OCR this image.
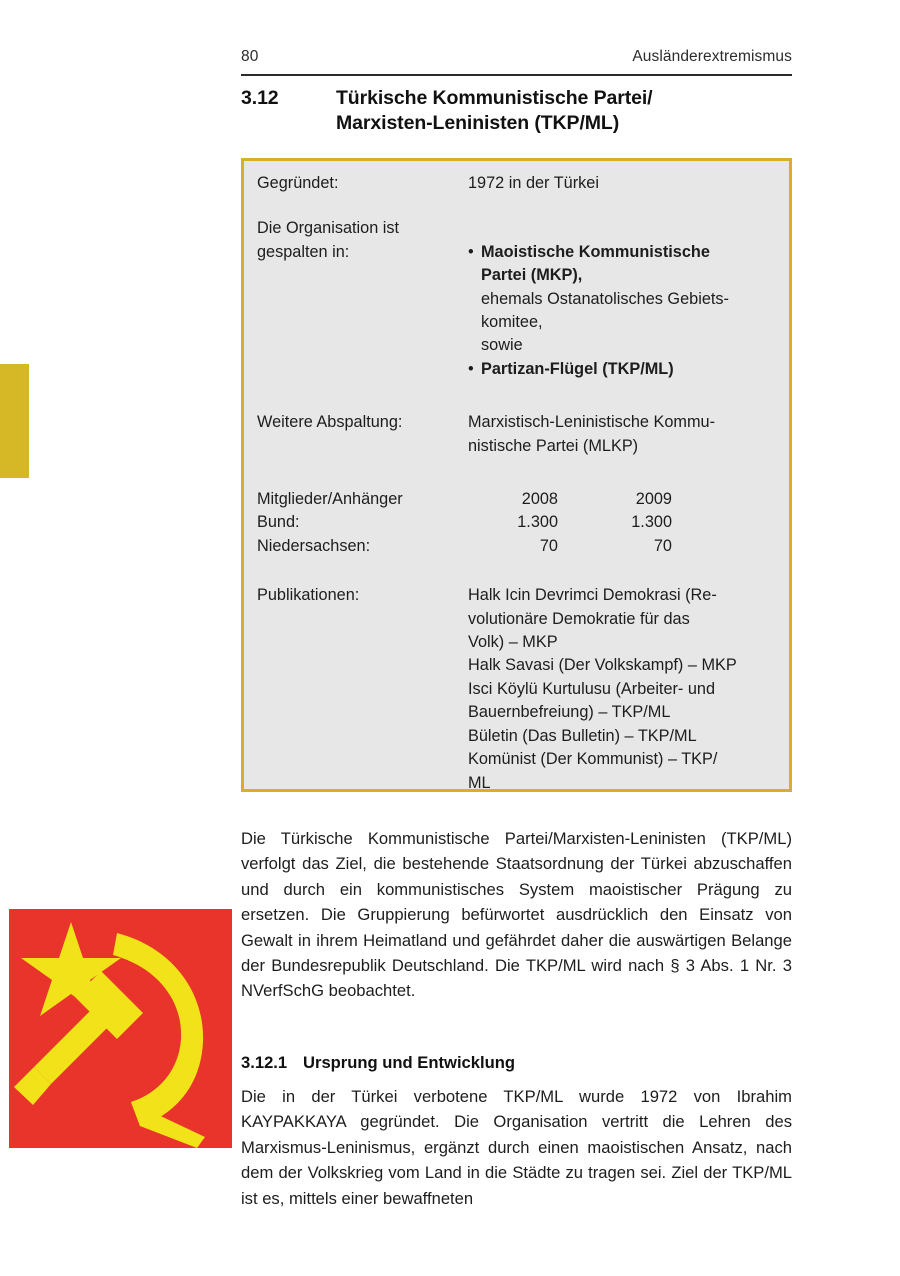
80	Ausländerextremismus
3.12	Türkische Kommunistische Partei/
Marxisten-Leninisten (TKP/ML)
Gegründet:	1972 in der Türkei
Die Organisation ist
gespalten in:	• Maoistische Kommunistische
Partei (MKP),
ehemals Ostanatolisches Gebiets-
komitee,
sowie
• Partizan-Flügel (TKP/ML)
Weitere Abspaltung:	Marxistisch-Leninistische Kommu-
nistische Partei (MLKP)
Mitglieder/Anhänger	2008	2009
Bund:	1.300	1.300
Niedersachsen:	70	70
Publikationen:	Halk Icin Devrimci Demokrasi (Re-
volutionäre Demokratie für das
Volk) – MKP
Halk Savasi (Der Volkskampf) – MKP
Isci Köylü Kurtulusu (Arbeiter- und
Bauernbefreiung) – TKP/ML
Bületin (Das Bulletin) – TKP/ML
Komünist (Der Kommunist) – TKP/
ML

Die Türkische Kommunistische Partei/Marxisten-Leninisten (TKP/ML) verfolgt das Ziel, die bestehende Staatsordnung der Türkei abzuschaffen und durch ein kommunistisches System maoistischer Prägung zu ersetzen. Die Gruppierung befürwortet ausdrücklich den Einsatz von Gewalt in ihrem Heimatland und gefährdet daher die auswärtigen Belange der Bundesrepublik Deutschland. Die TKP/ML wird nach § 3 Abs. 1 Nr. 3 NVerfSchG beobachtet.

3.12.1 Ursprung und Entwicklung

Die in der Türkei verbotene TKP/ML wurde 1972 von Ibrahim KAYPAKKAYA gegründet. Die Organisation vertritt die Lehren des Marxismus-Leninismus, ergänzt durch einen maoistischen Ansatz, nach dem der Volkskrieg vom Land in die Städte zu tragen sei. Ziel der TKP/ML ist es, mittels einer bewaffneten
